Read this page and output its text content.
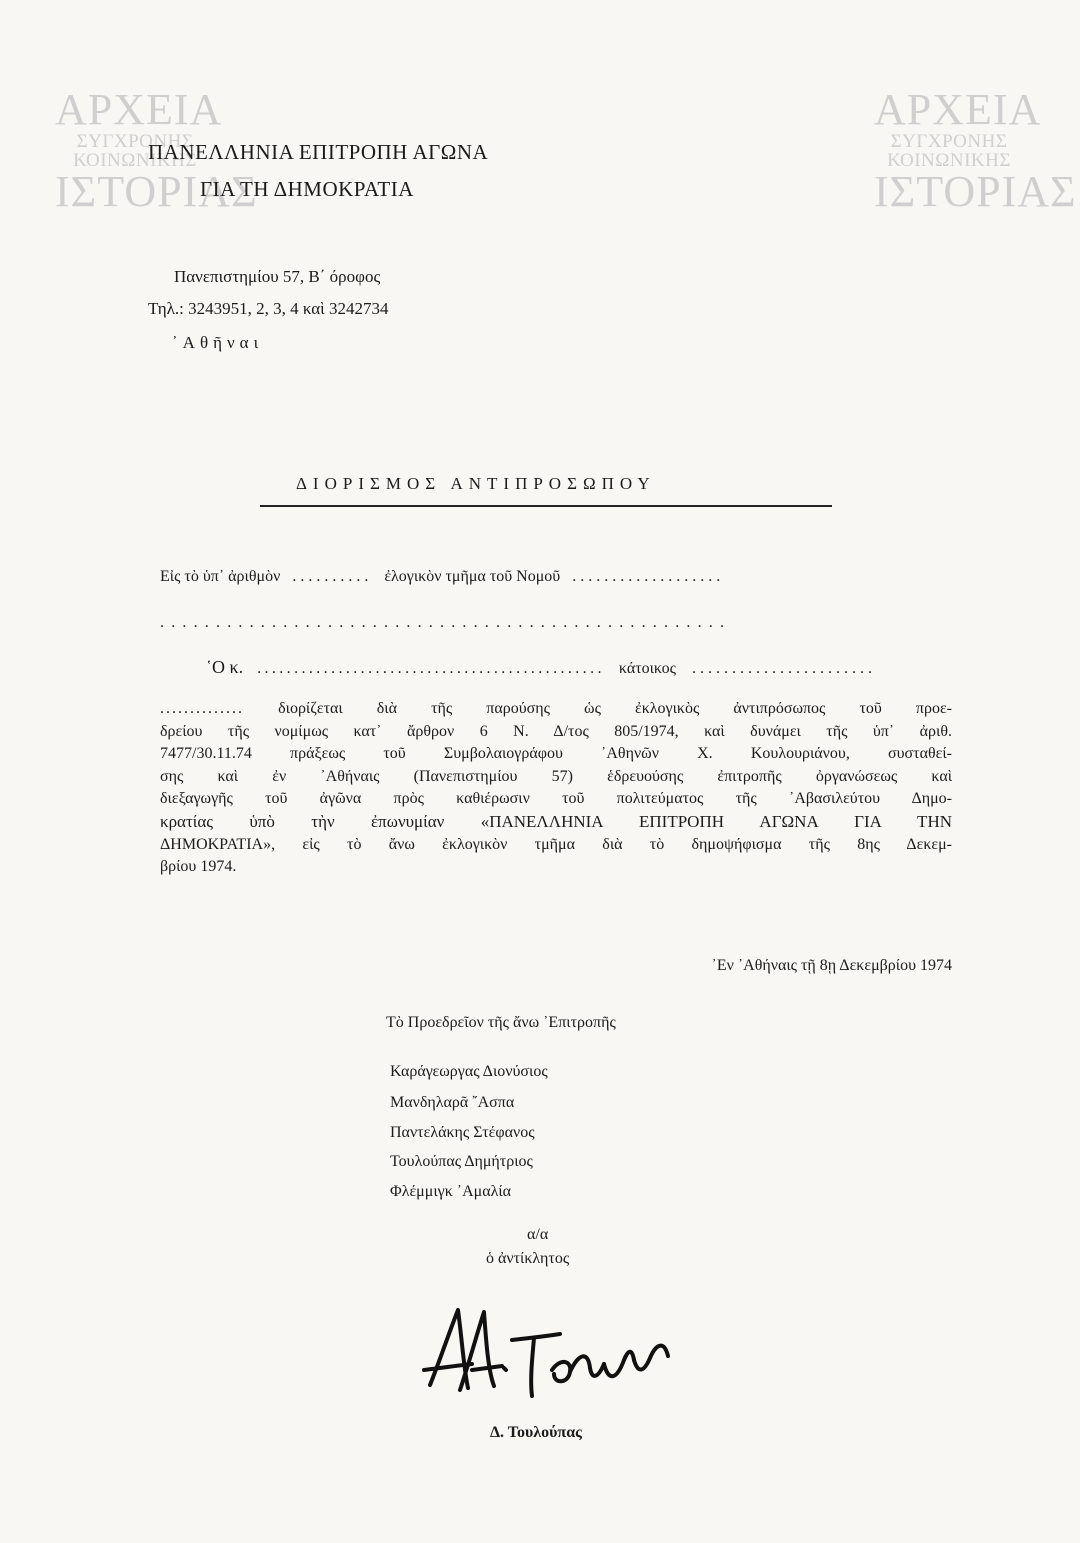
ΑΡΧΕΙΑ
ΣΥΓΧΡΟΝΗΣ
ΚΟΙΝΩΝΙΚΗΣ
ΙΣΤΟΡΙΑΣ
ΑΡΧΕΙΑ
ΣΥΓΧΡΟΝΗΣ
ΚΟΙΝΩΝΙΚΗΣ
ΙΣΤΟΡΙΑΣ
ΠΑΝΕΛΛΗΝΙΑ ΕΠΙΤΡΟΠΗ ΑΓΩΝΑ
ΓΙΑ ΤΗ ΔΗΜΟΚΡΑΤΙΑ
Πανεπιστημίου 57, Β΄ όροφος
Τηλ.: 3243951, 2, 3, 4 καὶ 3242734
᾿Αθῆναι
ΔΙΟΡΙΣΜΟΣ ΑΝΤΙΠΡΟΣΩΠΟΥ
Εἰς τὸ ὑπ᾿ ἀριθμὸν .......... ἐλογικὸν τμῆμα τοῦ Νομοῦ ...................
. . . . . . . . . . . . . . . . . . . . . . . . . . . . . . . . . . . . . . . . . . . . . . . . . . .
῾Ο κ. ............................................... κάτοικος .......................
.............. διορίζεται διὰ τῆς παρούσης ὡς ἐκλογικὸς ἀντιπρόσωπος τοῦ προε-
δρείου τῆς νομίμως κατ᾿ ἄρθρον 6 Ν. Δ/τος 805/1974, καὶ δυνάμει τῆς ὑπ᾿ ἀριθ.
7477/30.11.74 πράξεως τοῦ Συμβολαιογράφου ᾿Αθηνῶν Χ. Κουλουριάνου, συσταθεί-
σης καὶ ἐν ᾿Αθήναις (Πανεπιστημίου 57) ἑδρευούσης ἐπιτροπῆς ὀργανώσεως καὶ
διεξαγωγῆς τοῦ ἀγῶνα πρὸς καθιέρωσιν τοῦ πολιτεύματος τῆς ᾿Αβασιλεύτου Δημο-
κρατίας ὑπὸ τὴν ἐπωνυμίαν «ΠΑΝΕΛΛΗΝΙΑ ΕΠΙΤΡΟΠΗ ΑΓΩΝΑ ΓΙΑ ΤΗΝ
ΔΗΜΟΚΡΑΤΙΑ», εἰς τὸ ἄνω ἐκλογικὸν τμῆμα διὰ τὸ δημοψήφισμα τῆς 8ης Δεκεμ-
βρίου 1974.
᾿Εν ᾿Αθήναις τῇ 8ῃ Δεκεμβρίου 1974
Τὸ Προεδρεῖον τῆς ἄνω ᾿Επιτροπῆς
Καράγεωργας Διονύσιος
Μανδηλαρᾶ ῎Ασπα
Παντελάκης Στέφανος
Τουλούπας Δημήτριος
Φλέμμιγκ ᾿Αμαλία
α/α
ὁ ἀντίκλητος
Δ. Τουλούπας
